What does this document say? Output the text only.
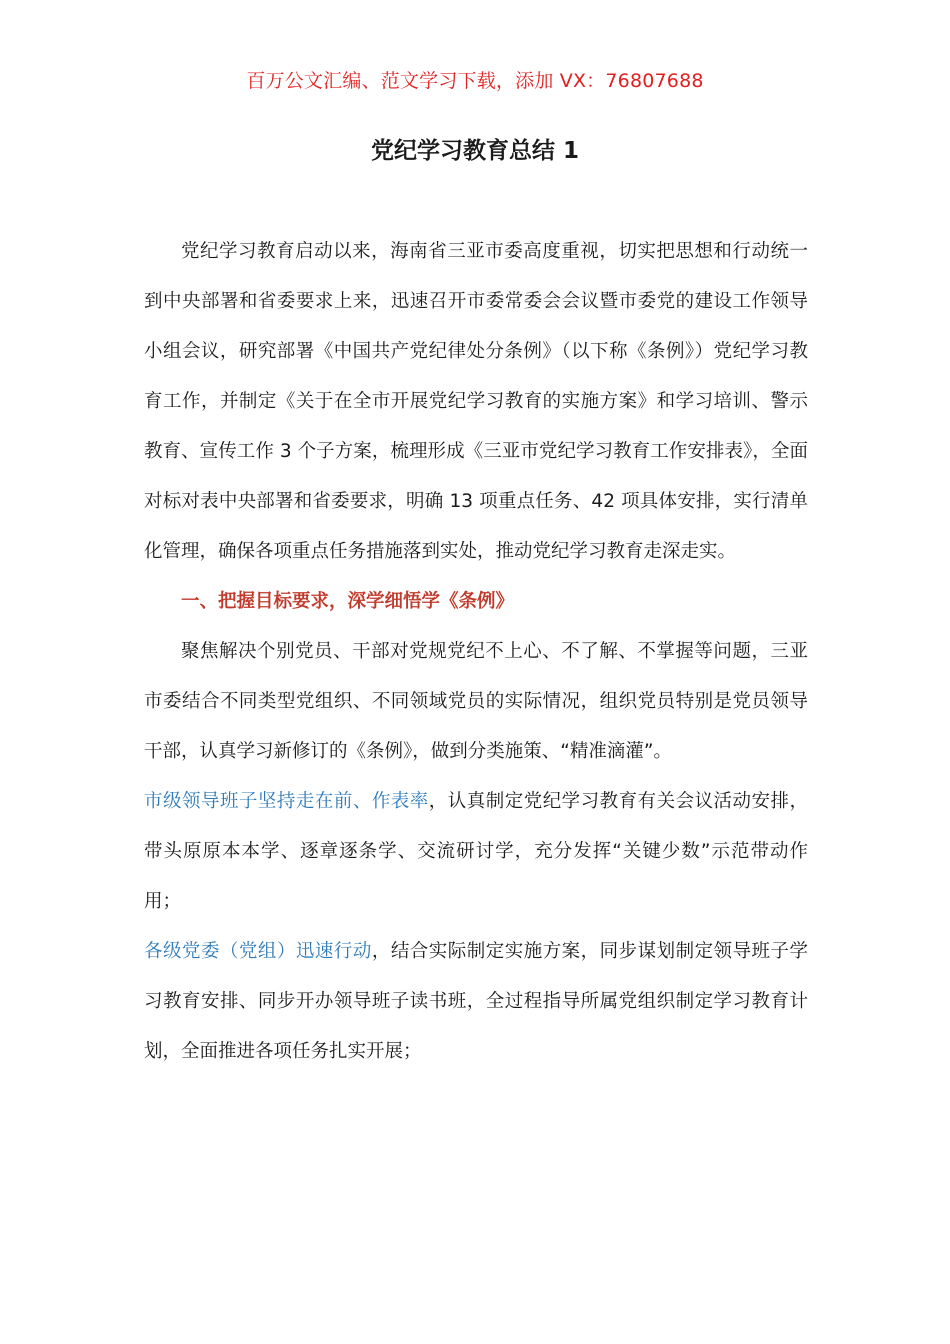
百万公文汇编、范文学习下载，添加 VX：76807688
党纪学习教育总结 1

党纪学习教育启动以来，海南省三亚市委高度重视，切实把思想和行动统一到中央部署和省委要求上来，迅速召开市委常委会会议暨市委党的建设工作领导小组会议，研究部署《中国共产党纪律处分条例》（以下称《条例》）党纪学习教育工作，并制定《关于在全市开展党纪学习教育的实施方案》和学习培训、警示教育、宣传工作 3 个子方案，梳理形成《三亚市党纪学习教育工作安排表》，全面对标对表中央部署和省委要求，明确 13 项重点任务、42 项具体安排，实行清单化管理，确保各项重点任务措施落到实处，推动党纪学习教育走深走实。

一、把握目标要求，深学细悟学《条例》

聚焦解决个别党员、干部对党规党纪不上心、不了解、不掌握等问题，三亚市委结合不同类型党组织、不同领域党员的实际情况，组织党员特别是党员领导干部，认真学习新修订的《条例》，做到分类施策、“精准滴灌”。

市级领导班子坚持走在前、作表率，认真制定党纪学习教育有关会议活动安排，带头原原本本学、逐章逐条学、交流研讨学，充分发挥“关键少数”示范带动作用；

各级党委（党组）迅速行动，结合实际制定实施方案，同步谋划制定领导班子学习教育安排、同步开办领导班子读书班，全过程指导所属党组织制定学习教育计划，全面推进各项任务扎实开展；
